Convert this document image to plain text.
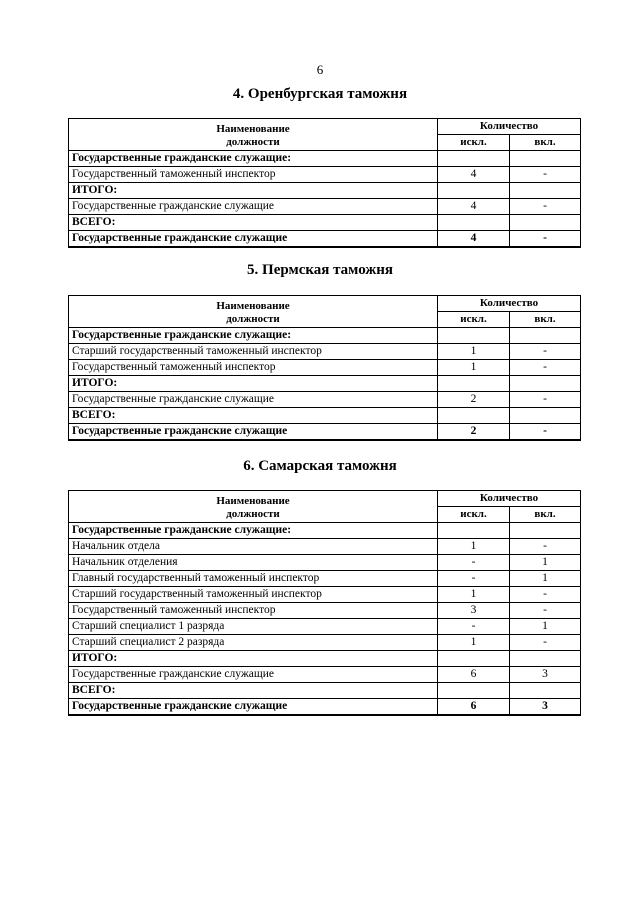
6
4. Оренбургская таможня
Наименование	Количество	
должности	искл.	вкл.
Государственные гражданские служащие:		
Государственный таможенный инспектор	4	-
ИТОГО:		
Государственные гражданские служащие	4	-
ВСЕГО:		
Государственные гражданские служащие	4	-
5. Пермская таможня
Наименование	Количество	
должности	искл.	вкл.
Государственные гражданские служащие:		
Старший государственный таможенный инспектор	1	-
Государственный таможенный инспектор	1	-
ИТОГО:		
Государственные гражданские служащие	2	-
ВСЕГО:		
Государственные гражданские служащие	2	-
6. Самарская таможня
Наименование	Количество	
должности	искл.	вкл.
Государственные гражданские служащие:		
Начальник отдела	1	-
Начальник отделения	-	1
Главный государственный таможенный инспектор	-	1
Старший государственный таможенный инспектор	1	-
Государственный таможенный инспектор	3	-
Старший специалист 1 разряда	-	1
Старший специалист 2 разряда	1	-
ИТОГО:		
Государственные гражданские служащие	6	3
ВСЕГО:		
Государственные гражданские служащие	6	3
